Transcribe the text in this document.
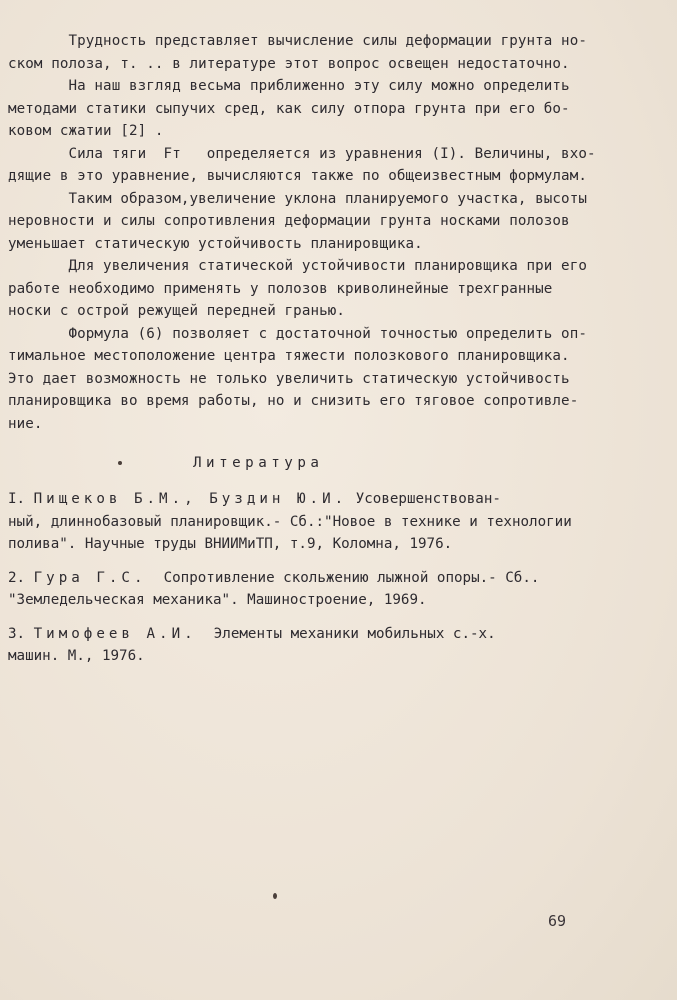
Трудность представляет вычисление силы деформации грунта но-
ском полоза, т. .. в литературе этот вопрос освещен недостаточно.
На наш взгляд весьма приближенно эту силу можно определить
методами статики сыпучих сред, как силу отпора грунта при его бо-
ковом сжатии [2] .
Сила тяги  Fт   определяется из уравнения (I). Величины, вхо-
дящие в это уравнение, вычисляются также по общеизвестным формулам.
Таким образом,увеличение уклона планируемого участка, высоты
неровности и силы сопротивления деформации грунта носками полозов
уменьшает статическую устойчивость планировщика.
Для увеличения статической устойчивости планировщика при его
работе необходимо применять у полозов криволинейные трехгранные
носки с острой режущей передней гранью.
Формула (6) позволяет с достаточной точностью определить оп-
тимальное местоположение центра тяжести полозкового планировщика.
Это дает возможность не только увеличить статическую устойчивость
планировщика во время работы, но и снизить его тяговое сопротивле-
ние.
Литература
I. Пищеков Б.М., Буздин Ю.И. Усовершенствован-
ный, длиннобазовый планировщик.- Сб.:"Новое в технике и технологии
полива". Научные труды ВНИИМиТП, т.9, Коломна, 1976.
2. Гура Г.С.  Сопротивление скольжению лыжной опоры.- Сб..
"Земледельческая механика". Машиностроение, 1969.
3. Тимофеев А.И.  Элементы механики мобильных с.-х.
машин. М., 1976.
69
